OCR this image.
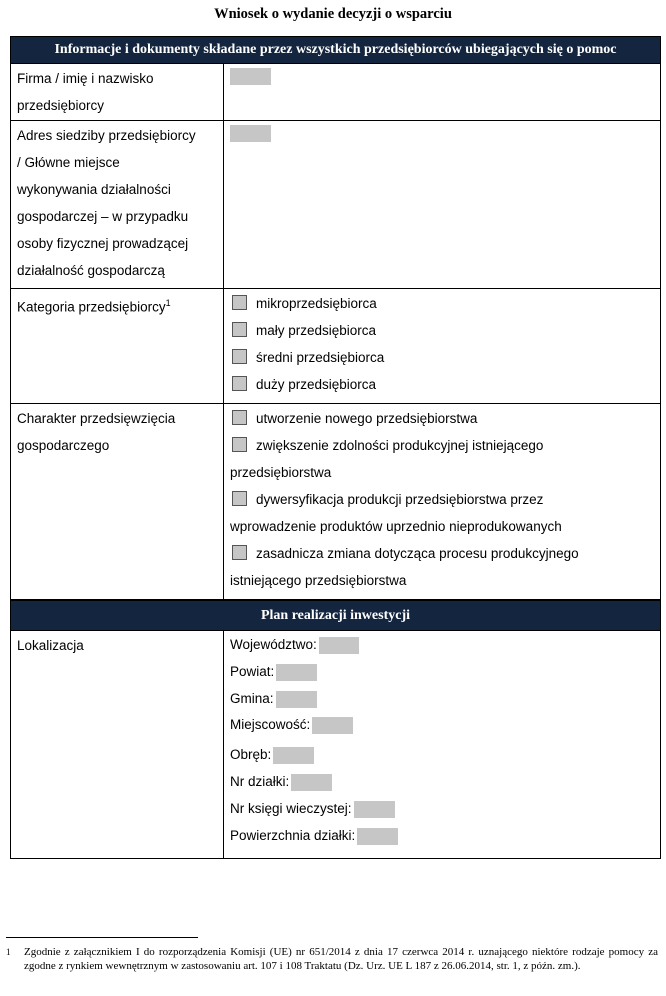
Wniosek o wydanie decyzji o wsparciu
Informacje i dokumenty składane przez wszystkich przedsiębiorców ubiegających się o pomoc
Firma / imię i nazwisko
przedsiębiorcy
Adres siedziby przedsiębiorcy
/ Główne miejsce
wykonywania działalności
gospodarczej – w przypadku
osoby fizycznej prowadzącej
działalność gospodarczą
Kategoria przedsiębiorcy$^1$	mikroprzedsiębiorca
mały przedsiębiorca
średni przedsiębiorca
duży przedsiębiorca
Charakter przedsięwzięcia
gospodarczego
utworzenie nowego przedsiębiorstwa
zwiększenie zdolności produkcyjnej istniejącego
przedsiębiorstwa
dywersyfikacja produkcji przedsiębiorstwa przez
wprowadzenie produktów uprzednio nieprodukowanych
zasadnicza zmiana dotycząca procesu produkcyjnego
istniejącego przedsiębiorstwa
Plan realizacji inwestycji
Lokalizacja	Województwo:
Powiat:
Gmina:
Miejscowość:
Obręb:
Nr działki:
Nr księgi wieczystej:
Powierzchnia działki:
1 Zgodnie z załącznikiem I do rozporządzenia Komisji (UE) nr 651/2014 z dnia 17 czerwca 2014 r. uznającego niektóre rodzaje pomocy za zgodne z rynkiem wewnętrznym w zastosowaniu art. 107 i 108 Traktatu (Dz. Urz. UE L 187 z 26.06.2014, str. 1, z późn. zm.).
